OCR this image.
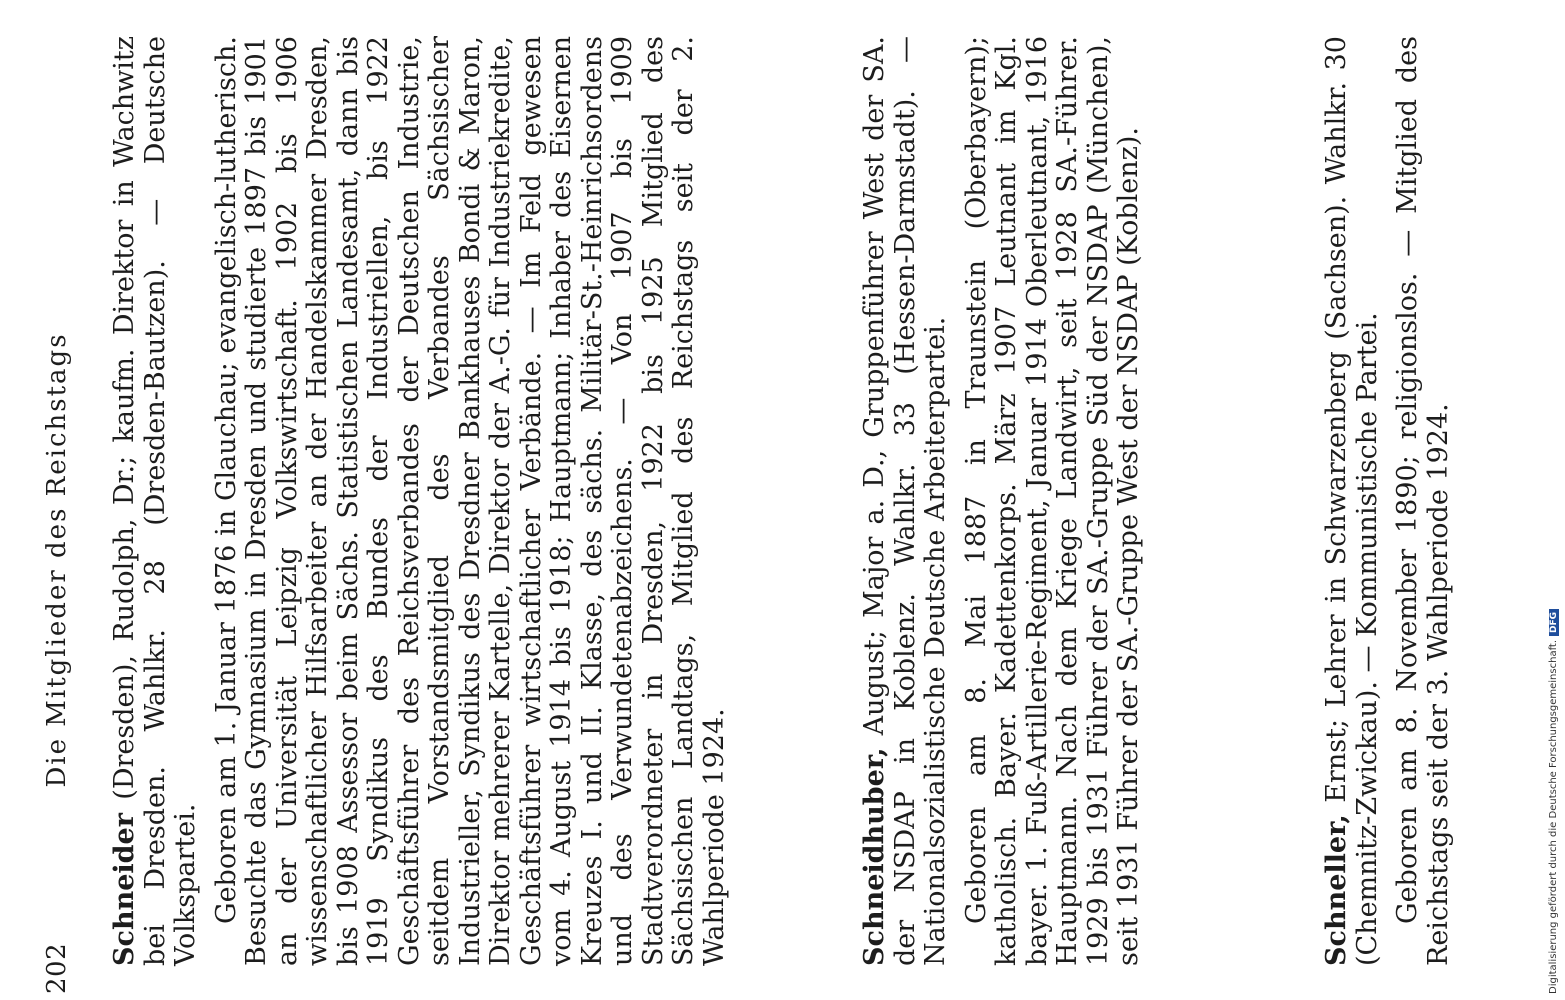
202
Die Mitglieder des Reichstags

Schneider (Dresden), Rudolph, Dr.; kaufm. Direktor in Wachwitz bei Dresden. Wahlkr. 28 (Dresden-Bautzen). — Deutsche Volkspartei. Geboren am 1. Januar 1876 in Glauchau; evangelisch-lutherisch. Besuchte das Gymnasium in Dresden und studierte 1897 bis 1901 an der Universität Leipzig Volkswirtschaft. 1902 bis 1906 wissenschaftlicher Hilfsarbeiter an der Handelskammer Dresden, bis 1908 Assessor beim Sächs. Statistischen Landesamt, dann bis 1919 Syndikus des Bundes der Industriellen, bis 1922 Geschäftsführer des Reichsverbandes der Deutschen Industrie, seitdem Vorstandsmitglied des Verbandes Sächsischer Industrieller, Syndikus des Dresdner Bankhauses Bondi & Maron, Direktor mehrerer Kartelle, Direktor der A.-G. für Industriekredite, Geschäftsführer wirtschaftlicher Verbände. — Im Feld gewesen vom 4. August 1914 bis 1918; Hauptmann; Inhaber des Eisernen Kreuzes I. und II. Klasse, des sächs. Militär-St.-Heinrichsordens und des Verwundetenabzeichens. — Von 1907 bis 1909 Stadtverordneter in Dresden, 1922 bis 1925 Mitglied des Sächsischen Landtags, Mitglied des Reichstags seit der 2. Wahlperiode 1924.	Schneidhuber, August; Major a. D., Gruppenführer West der SA. der NSDAP in Koblenz. Wahlkr. 33 (Hessen-Darmstadt). — Nationalsozialistische Deutsche Arbeiterpartei. Geboren am 8. Mai 1887 in Traunstein (Oberbayern); katholisch. Bayer. Kadettenkorps. März 1907 Leutnant im Kgl. bayer. 1. Fuß-Artillerie-Regiment, Januar 1914 Oberleutnant, 1916 Hauptmann. Nach dem Kriege Landwirt, seit 1928 SA.-Führer. 1929 bis 1931 Führer der SA.-Gruppe Süd der NSDAP (München), seit 1931 Führer der SA.-Gruppe West der NSDAP (Koblenz).	Schneller, Ernst; Lehrer in Schwarzenberg (Sachsen). Wahlkr. 30 (Chemnitz-Zwickau). — Kommunistische Partei. Geboren am 8. November 1890; religionslos. — Mitglied des Reichstags seit der 3. Wahlperiode 1924.	Digitalisierung gefördert durch die Deutsche Forschungsgemeinschaft.DFG
